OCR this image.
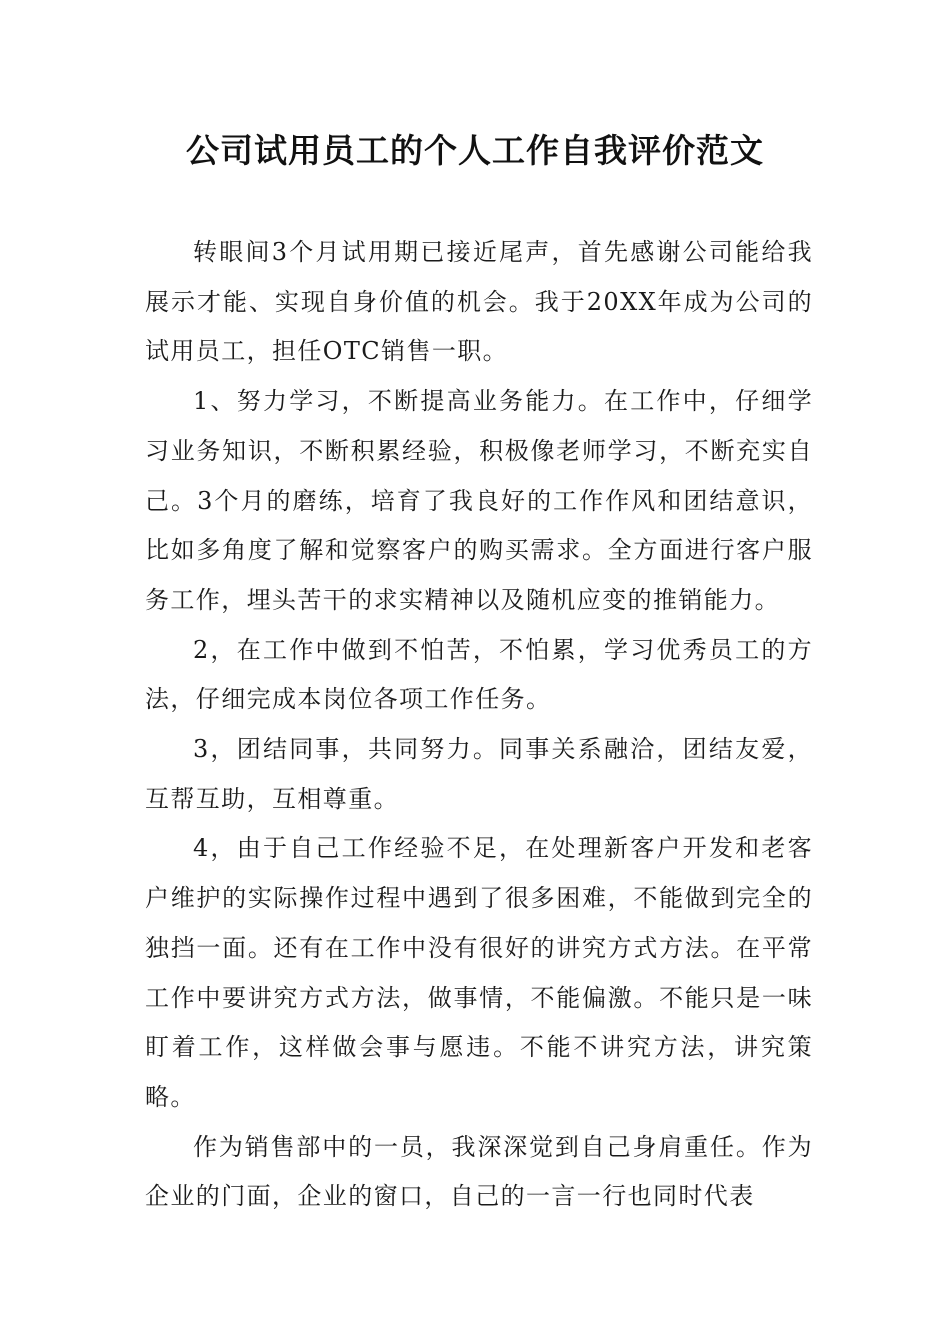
公司试用员工的个人工作自我评价范文

转眼间3个月试用期已接近尾声，首先感谢公司能给我展示才能、实现自身价值的机会。我于20XX年成为公司的试用员工，担任OTC销售一职。

1、努力学习，不断提高业务能力。在工作中，仔细学习业务知识，不断积累经验，积极像老师学习，不断充实自己。3个月的磨练，培育了我良好的工作作风和团结意识，比如多角度了解和觉察客户的购买需求。全方面进行客户服务工作，埋头苦干的求实精神以及随机应变的推销能力。

2，在工作中做到不怕苦，不怕累，学习优秀员工的方法，仔细完成本岗位各项工作任务。

3，团结同事，共同努力。同事关系融洽，团结友爱，互帮互助，互相尊重。

4，由于自己工作经验不足，在处理新客户开发和老客户维护的实际操作过程中遇到了很多困难，不能做到完全的独挡一面。还有在工作中没有很好的讲究方式方法。在平常工作中要讲究方式方法，做事情，不能偏激。不能只是一味盯着工作，这样做会事与愿违。不能不讲究方法，讲究策略。

作为销售部中的一员，我深深觉到自己身肩重任。作为企业的门面，企业的窗口，自己的一言一行也同时代表
